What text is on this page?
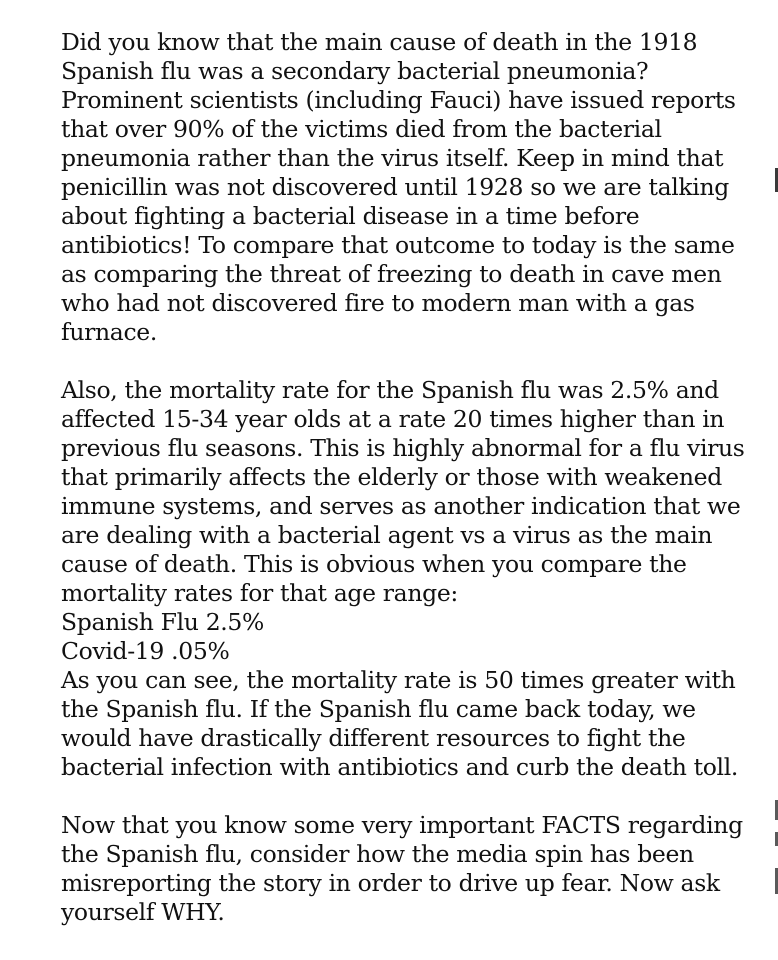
Did you know that the main cause of death in the 1918
Spanish flu was a secondary bacterial pneumonia?
Prominent scientists (including Fauci) have issued reports
that over 90% of the victims died from the bacterial
pneumonia rather than the virus itself. Keep in mind that
penicillin was not discovered until 1928 so we are talking
about fighting a bacterial disease in a time before
antibiotics! To compare that outcome to today is the same
as comparing the threat of freezing to death in cave men
who had not discovered fire to modern man with a gas
furnace.
Also, the mortality rate for the Spanish flu was 2.5% and
affected 15-34 year olds at a rate 20 times higher than in
previous flu seasons. This is highly abnormal for a flu virus
that primarily affects the elderly or those with weakened
immune systems, and serves as another indication that we
are dealing with a bacterial agent vs a virus as the main
cause of death. This is obvious when you compare the
mortality rates for that age range:
Spanish Flu 2.5%
Covid-19 .05%
As you can see, the mortality rate is 50 times greater with
the Spanish flu. If the Spanish flu came back today, we
would have drastically different resources to fight the
bacterial infection with antibiotics and curb the death toll.
Now that you know some very important FACTS regarding
the Spanish flu, consider how the media spin has been
misreporting the story in order to drive up fear. Now ask
yourself WHY.
